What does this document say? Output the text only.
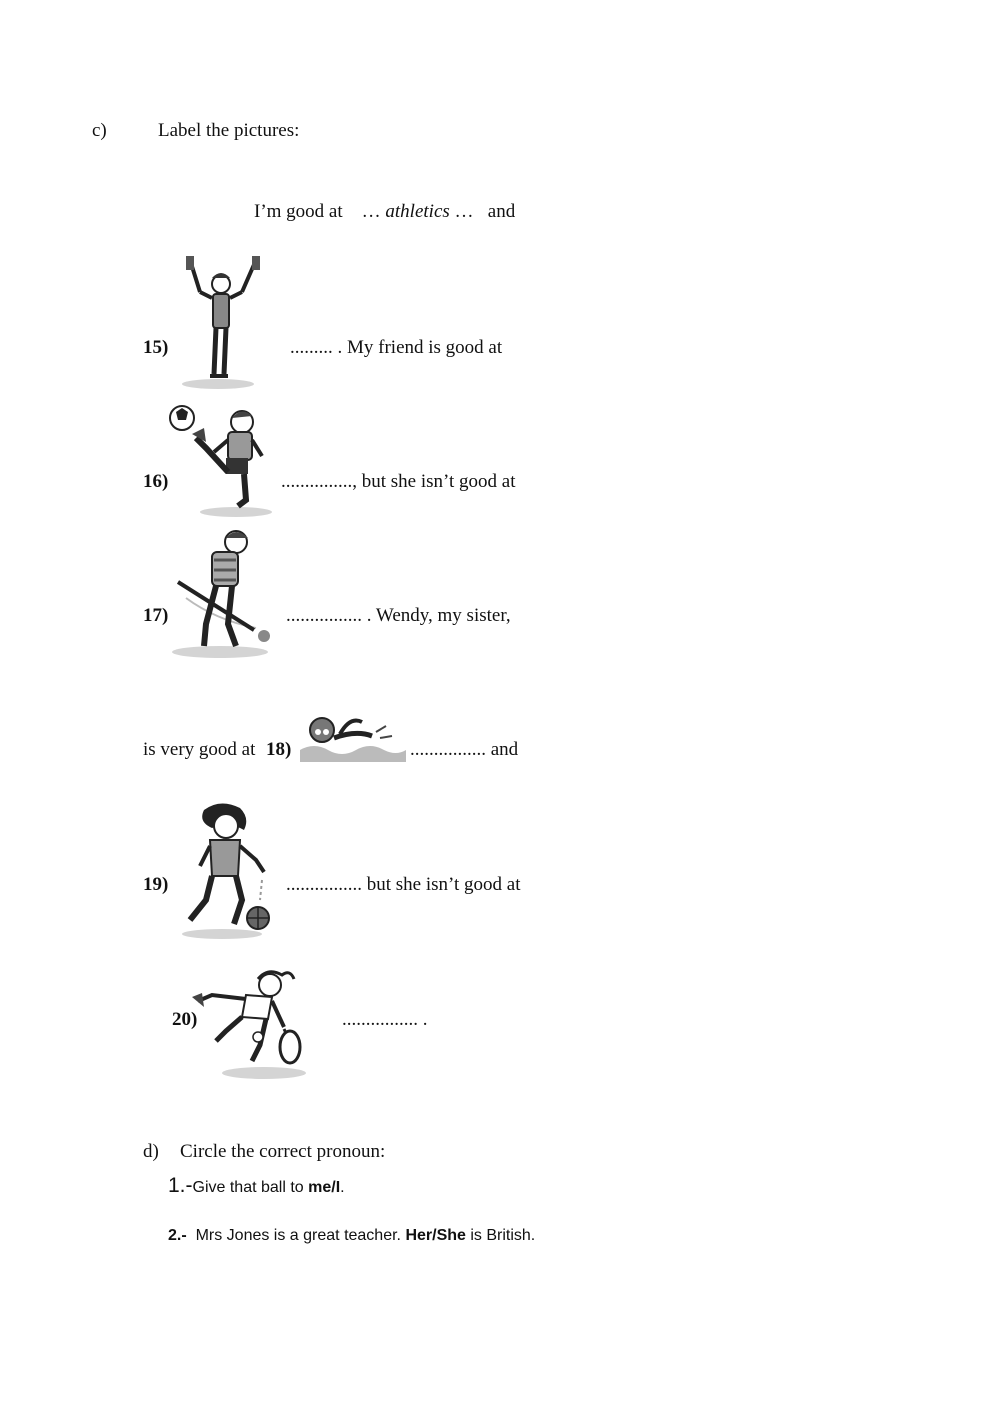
c)	Label the pictures:
I’m good at … athletics … and
15)	......... . My friend is good at
16)	..............., but she isn’t good at
17)	................ . Wendy, my sister,
is very good at 18)	................ and
19)	................ but she isn’t good at
20)	................ .
d) Circle the correct pronoun:
1.-Give that ball to me/I.
2.- Mrs Jones is a great teacher. Her/She is British.
